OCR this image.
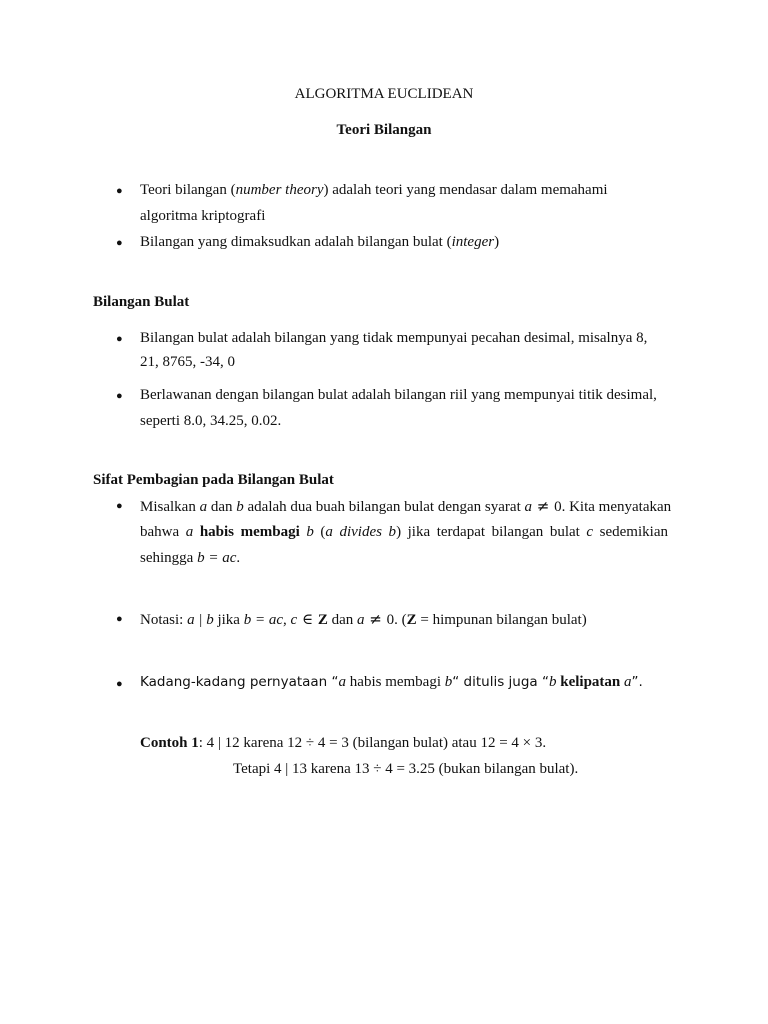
ALGORITMA EUCLIDEAN
Teori Bilangan
● Teori bilangan (number theory) adalah teori yang mendasar dalam memahami
algoritma kriptografi
● Bilangan yang dimaksudkan adalah bilangan bulat (integer)
Bilangan Bulat
● Bilangan bulat adalah bilangan yang tidak mempunyai pecahan desimal, misalnya 8,
21, 8765, -34, 0
● Berlawanan dengan bilangan bulat adalah bilangan riil yang mempunyai titik desimal,
seperti 8.0, 34.25, 0.02.
Sifat Pembagian pada Bilangan Bulat
● Misalkan a dan b adalah dua buah bilangan bulat dengan syarat a ≠ 0. Kita menyatakan
bahwa a habis membagi b (a divides b) jika terdapat bilangan bulat c sedemikian
sehingga b = ac.
● Notasi: a | b jika b = ac, c ∈ Z dan a ≠ 0. (Z = himpunan bilangan bulat)
● Kadang-kadang pernyataan “a habis membagi b“ ditulis juga “b kelipatan a”.
Contoh 1: 4 | 12 karena 12 ÷ 4 = 3 (bilangan bulat) atau 12 = 4 × 3.
Tetapi 4 | 13 karena 13 ÷ 4 = 3.25 (bukan bilangan bulat).
